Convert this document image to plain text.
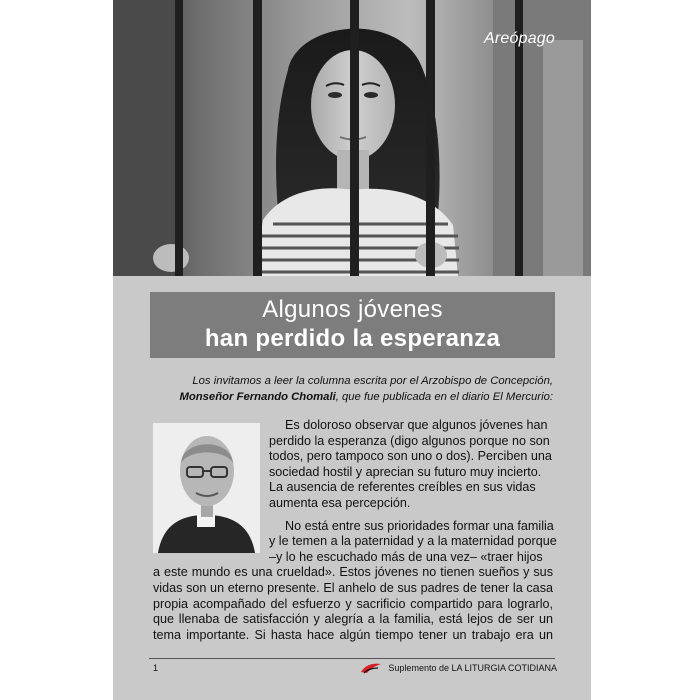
Areópago
Algunos jóvenes
han perdido la esperanza
Los invitamos a leer la columna escrita por el Arzobispo de Concepción,
Monseñor Fernando Chomali, que fue publicada en el diario El Mercurio:
Es doloroso observar que algunos jóvenes han
perdido la esperanza (digo algunos porque no son
todos, pero tampoco son uno o dos). Perciben una
sociedad hostil y aprecian su futuro muy incierto.
La ausencia de referentes creíbles en sus vidas
aumenta esa percepción.
No está entre sus prioridades formar una familia
y le temen a la paternidad y a la maternidad porque
–y lo he escuchado más de una vez– «traer hijos
a este mundo es una crueldad». Estos jóvenes no tienen sueños y sus
vidas son un eterno presente. El anhelo de sus padres de tener la casa
propia acompañado del esfuerzo y sacrificio compartido para lograrlo,
que llenaba de satisfacción y alegría a la familia, está lejos de ser un
tema importante. Si hasta hace algún tiempo tener un trabajo era un
1	Suplemento de LA LITURGIA COTIDIANA
